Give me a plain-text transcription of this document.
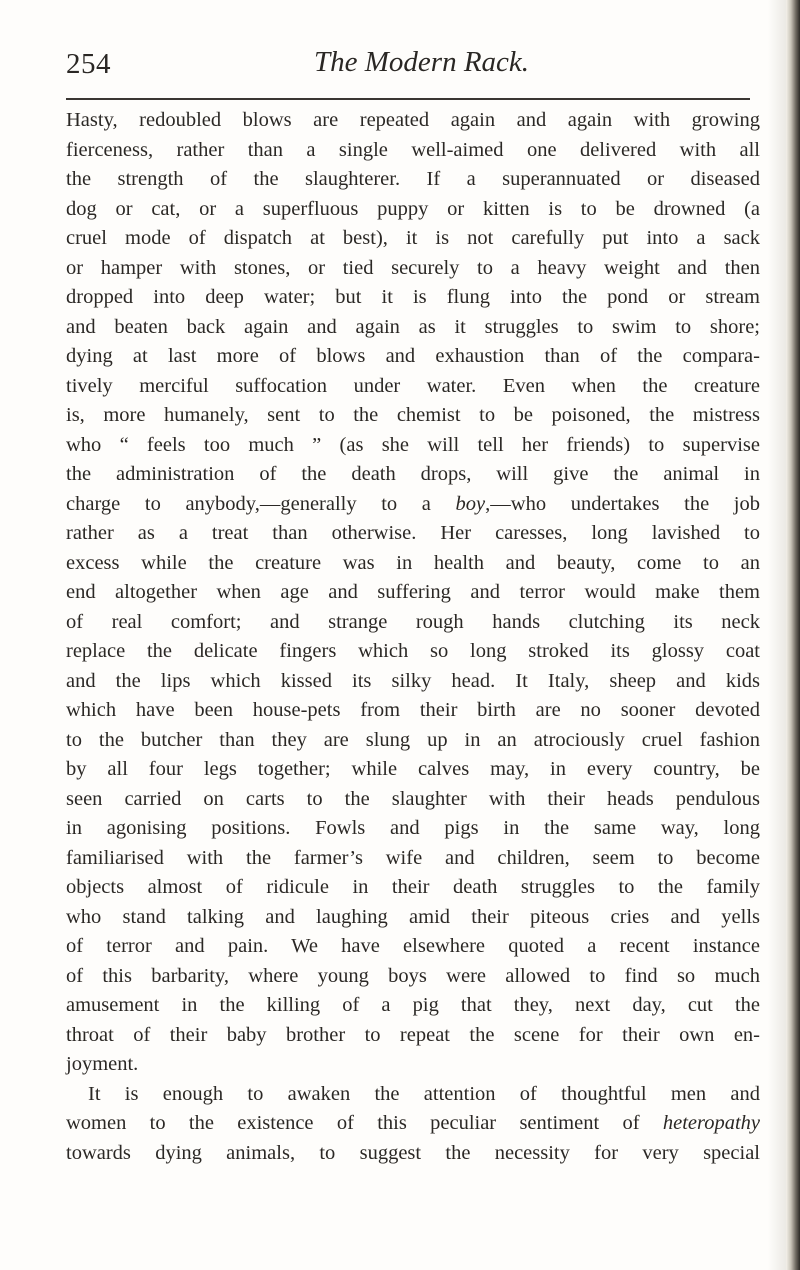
254	The Modern Rack.
Hasty, redoubled blows are repeated again and again with growing
fierceness, rather than a single well-aimed one delivered with all
the strength of the slaughterer. If a superannuated or diseased
dog or cat, or a superfluous puppy or kitten is to be drowned (a
cruel mode of dispatch at best), it is not carefully put into a sack
or hamper with stones, or tied securely to a heavy weight and then
dropped into deep water; but it is flung into the pond or stream
and beaten back again and again as it struggles to swim to shore;
dying at last more of blows and exhaustion than of the compara-
tively merciful suffocation under water. Even when the creature
is, more humanely, sent to the chemist to be poisoned, the mistress
who “ feels too much ” (as she will tell her friends) to supervise
the administration of the death drops, will give the animal in
charge to anybody,—generally to a boy,—who undertakes the job
rather as a treat than otherwise. Her caresses, long lavished to
excess while the creature was in health and beauty, come to an
end altogether when age and suffering and terror would make them
of real comfort; and strange rough hands clutching its neck
replace the delicate fingers which so long stroked its glossy coat
and the lips which kissed its silky head. It Italy, sheep and kids
which have been house-pets from their birth are no sooner devoted
to the butcher than they are slung up in an atrociously cruel fashion
by all four legs together; while calves may, in every country, be
seen carried on carts to the slaughter with their heads pendulous
in agonising positions. Fowls and pigs in the same way, long
familiarised with the farmer’s wife and children, seem to become
objects almost of ridicule in their death struggles to the family
who stand talking and laughing amid their piteous cries and yells
of terror and pain. We have elsewhere quoted a recent instance
of this barbarity, where young boys were allowed to find so much
amusement in the killing of a pig that they, next day, cut the
throat of their baby brother to repeat the scene for their own en-
joyment.
It is enough to awaken the attention of thoughtful men and
women to the existence of this peculiar sentiment of heteropathy
towards dying animals, to suggest the necessity for very special
